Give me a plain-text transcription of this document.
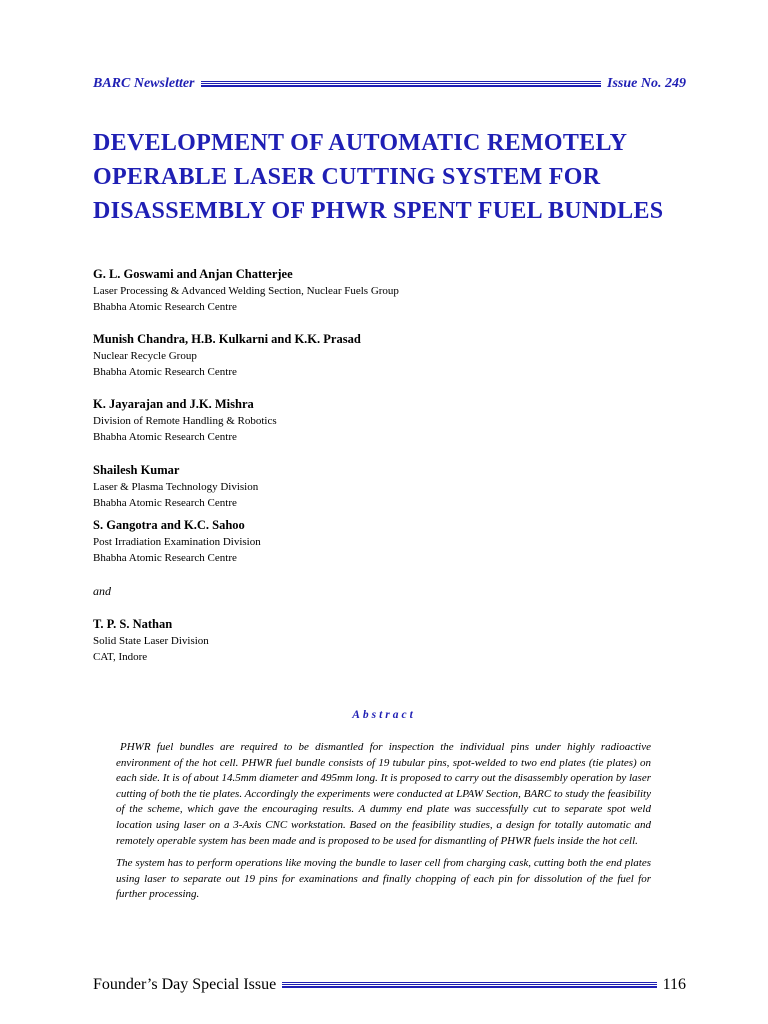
BARC Newsletter	Issue No. 249
DEVELOPMENT OF AUTOMATIC REMOTELY OPERABLE LASER CUTTING SYSTEM FOR DISASSEMBLY OF PHWR SPENT FUEL BUNDLES
G. L. Goswami and Anjan Chatterjee
Laser Processing & Advanced Welding Section, Nuclear Fuels Group
Bhabha Atomic Research Centre
Munish Chandra, H.B. Kulkarni and K.K. Prasad
Nuclear Recycle Group
Bhabha Atomic Research Centre
K. Jayarajan and J.K. Mishra
Division of Remote Handling & Robotics
Bhabha Atomic Research Centre
Shailesh Kumar
Laser & Plasma Technology Division
Bhabha Atomic Research Centre
S. Gangotra and K.C. Sahoo
Post Irradiation Examination Division
Bhabha Atomic Research Centre
and
T. P. S. Nathan
Solid State Laser Division
CAT, Indore
Abstract

PHWR fuel bundles are required to be dismantled for inspection the individual pins under highly radioactive environment of the hot cell. PHWR fuel bundle consists of 19 tubular pins, spot-welded to two end plates (tie plates) on each side. It is of about 14.5mm diameter and 495mm long. It is proposed to carry out the disassembly operation by laser cutting of both the tie plates. Accordingly the experiments were conducted at LPAW Section, BARC to study the feasibility of the scheme, which gave the encouraging results. A dummy end plate was successfully cut to separate spot weld location using laser on a 3-Axis CNC workstation. Based on the feasibility studies, a design for totally automatic and remotely operable system has been made and is proposed to be used for dismantling of PHWR fuels inside the hot cell.

The system has to perform operations like moving the bundle to laser cell from charging cask, cutting both the end plates using laser to separate out 19 pins for examinations and finally chopping of each pin for dissolution of the fuel for further processing.

Founder’s Day Special Issue	116
